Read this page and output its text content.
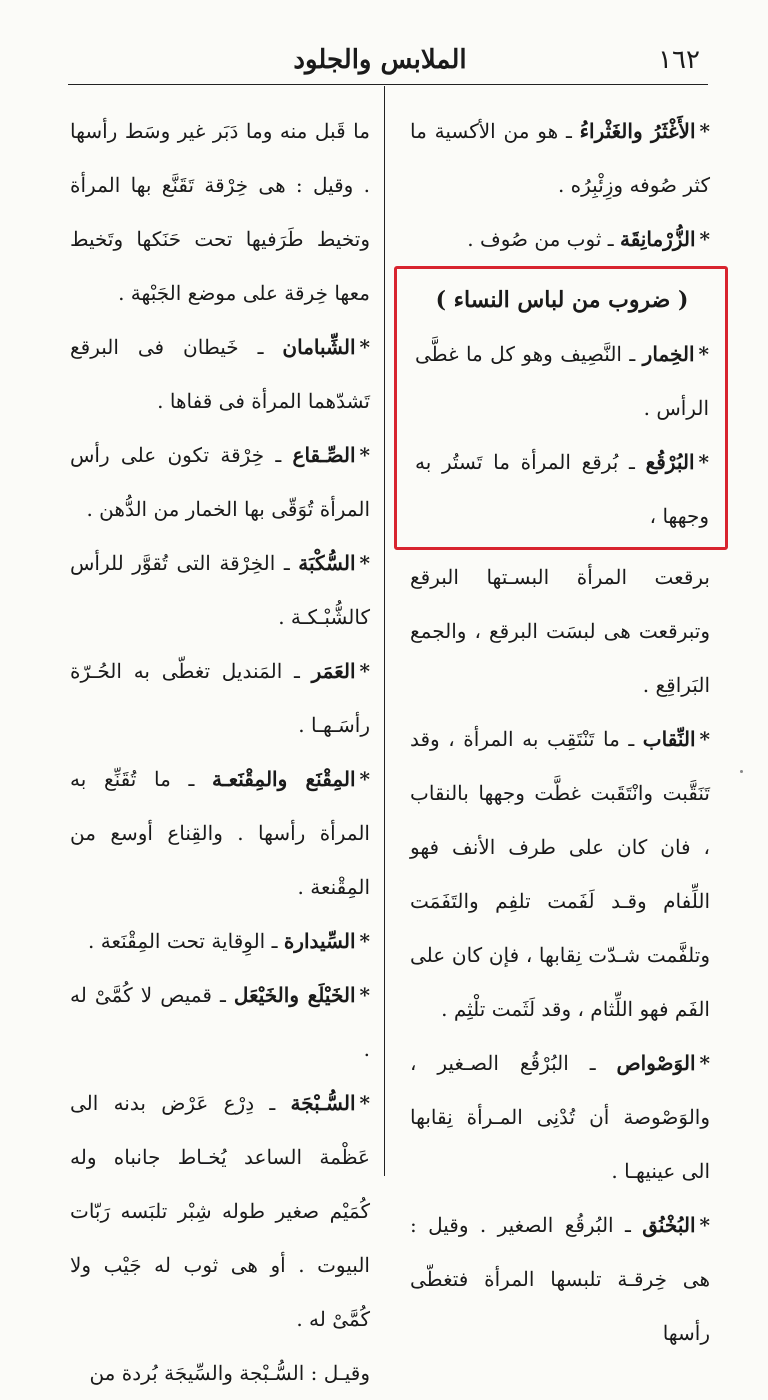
١٦٢
الملابس والجلود

*الأَغْثَرُ والغَثْراءُ ـ هو من الأكسية ما كثر صُوفه وزِئْبِرُه .

*الزُّرْمانِقَة ـ ثوب من صُوف .

( ضروب من لباس النساء )

*الخِمار ـ النَّصِيف وهو كل ما غطَّى الرأس .

*البُرْقُع ـ بُرقع المرأة ما تَستُر به وجهها ،

برقعت المرأة البسـتها البرقع وتبرقعت هى لبسَت البرقع ، والجمع البَراقِع .

*النِّقاب ـ ما تَنْتَقِب به المرأة ، وقد تَنَقَّبت وانْتَقَبت غطَّت وجهها بالنقاب ، فان كان على طرف الأنف فهو اللِّفام وقـد لَفَمت تلفِم والتَفَمَت وتلفَّمت شـدّت نِقابها ، فإن كان على الفَم فهو اللِّثام ، وقد لَثَمت تلْثِم .

*الوَصْواص ـ البُرْقُع الصـغير ، والوَصْوصة أن تُدْنِى المـرأة نِقابها الى عينيهـا .

*البُخْنُق ـ البُرقُع الصغير . وقيل : هى خِرقـة تلبسها المرأة فتغطّى رأسها

ما قَبل منه وما دَبَر غير وسَط رأسها . وقيل : هى خِرْقة تَقَنَّع بها المرأة وتخيط طَرَفيها تحت حَنَكها وتَخيط معها خِرقة على موضع الجَبْهة .

*الشِّبامان ـ خَيطان فى البرقع تَشدّهما المرأة فى قفاها .

*الصِّـقاع ـ خِرْقة تكون على رأس المرأة تُوَقّى بها الخمار من الدُّهن .

*السُّكْبَة ـ الخِرْقة التى تُقوَّر للرأس كالشُّبْـكـة .

*العَمَر ـ المَنديل تغطّى به الحُـرّة رأسَـهـا .

*المِقْنَع والمِقْنَعـة ـ ما تُقَنِّع به المرأة رأسها . والقِناع أوسع من المِقْنعة .

*السِّيدارة ـ الوِقاية تحت المِقْنَعة .

*الخَيْلَع والخَيْعَل ـ قميص لا كُمَّىْ له .

*السُّـبْجَة ـ دِرْع عَرْض بدنه الى عَظْمة الساعد يُخـاط جانباه وله كُمَيْم صغير طوله شِبْر تلبَسه رَبّات البيوت . أو هى ثوب له جَيْب ولا كُمَّىْ له .

وقيـل : السُّـبْجة والسِّيجَة بُردة من
